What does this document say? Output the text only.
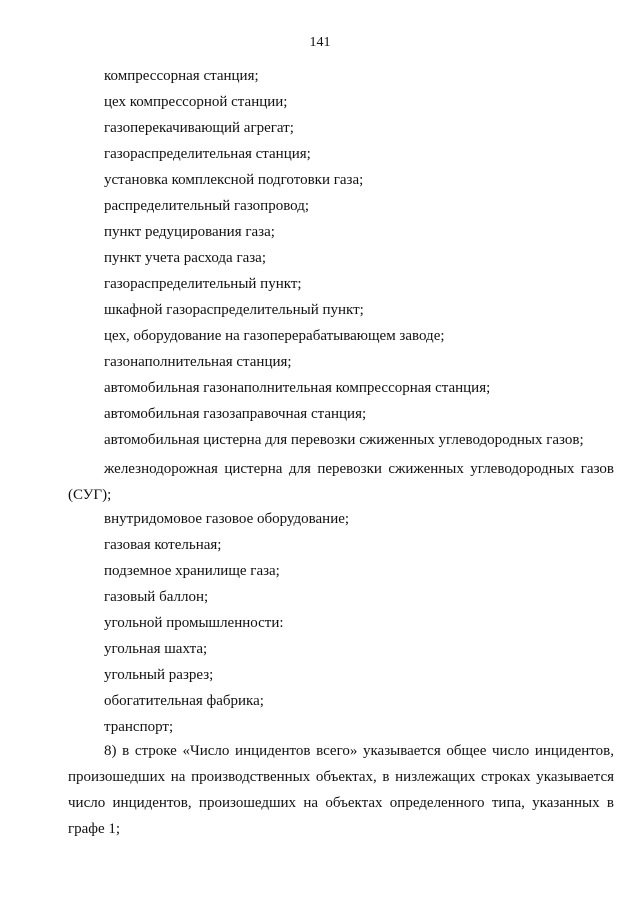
141
компрессорная станция;
цех компрессорной станции;
газоперекачивающий агрегат;
газораспределительная станция;
установка комплексной подготовки газа;
распределительный газопровод;
пункт редуцирования газа;
пункт учета расхода газа;
газораспределительный пункт;
шкафной газораспределительный пункт;
цех, оборудование на газоперерабатывающем заводе;
газонаполнительная станция;
автомобильная газонаполнительная компрессорная станция;
автомобильная газозаправочная станция;
автомобильная цистерна для перевозки сжиженных углеводородных газов;

железнодорожная цистерна для перевозки сжиженных углеводородных газов (СУГ);

внутридомовое газовое оборудование;
газовая котельная;
подземное хранилище газа;
газовый баллон;
угольной промышленности:
угольная шахта;
угольный разрез;
обогатительная фабрика;
транспорт;

8) в строке «Число инцидентов всего» указывается общее число инцидентов, произошедших на производственных объектах, в низлежащих строках указывается число инцидентов, произошедших на объектах определенного типа, указанных в графе 1;
